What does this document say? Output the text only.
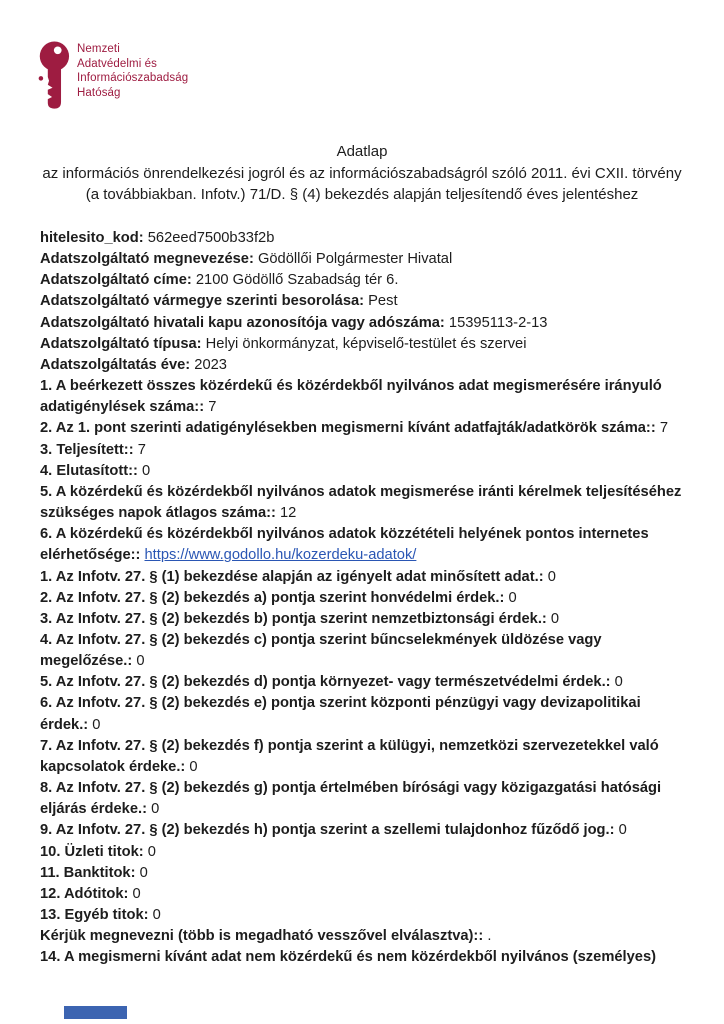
Nemzeti
Adatvédelmi és
Információszabadság
Hatóság
Adatlap
az információs önrendelkezési jogról és az információszabadságról szóló 2011. évi CXII. törvény (a továbbiakban. Infotv.) 71/D. § (4) bekezdés alapján teljesítendő éves jelentéshez

hitelesito_kod: 562eed7500b33f2b

Adatszolgáltató megnevezése: Gödöllői Polgármester Hivatal

Adatszolgáltató címe: 2100 Gödöllő Szabadság tér 6.

Adatszolgáltató vármegye szerinti besorolása: Pest

Adatszolgáltató hivatali kapu azonosítója vagy adószáma: 15395113-2-13

Adatszolgáltató típusa: Helyi önkormányzat, képviselő-testület és szervei

Adatszolgáltatás éve: 2023

1. A beérkezett összes közérdekű és közérdekből nyilvános adat megismerésére irányuló adatigénylések száma:: 7

2. Az 1. pont szerinti adatigénylésekben megismerni kívánt adatfajták/adatkörök száma:: 7

3. Teljesített:: 7

4. Elutasított:: 0

5. A közérdekű és közérdekből nyilvános adatok megismerése iránti kérelmek teljesítéséhez szükséges napok átlagos száma:: 12

6. A közérdekű és közérdekből nyilvános adatok közzétételi helyének pontos internetes elérhetősége:: https://www.godollo.hu/kozerdeku-adatok/

1. Az Infotv. 27. § (1) bekezdése alapján az igényelt adat minősített adat.: 0

2. Az Infotv. 27. § (2) bekezdés a) pontja szerint honvédelmi érdek.: 0

3. Az Infotv. 27. § (2) bekezdés b) pontja szerint nemzetbiztonsági érdek.: 0

4. Az Infotv. 27. § (2) bekezdés c) pontja szerint bűncselekmények üldözése vagy megelőzése.: 0

5. Az Infotv. 27. § (2) bekezdés d) pontja környezet- vagy természetvédelmi érdek.: 0

6. Az Infotv. 27. § (2) bekezdés e) pontja szerint központi pénzügyi vagy devizapolitikai érdek.: 0

7. Az Infotv. 27. § (2) bekezdés f) pontja szerint a külügyi, nemzetközi szervezetekkel való kapcsolatok érdeke.: 0

8. Az Infotv. 27. § (2) bekezdés g) pontja értelmében bírósági vagy közigazgatási hatósági eljárás érdeke.: 0

9. Az Infotv. 27. § (2) bekezdés h) pontja szerint a szellemi tulajdonhoz fűződő jog.: 0

10. Üzleti titok: 0

11. Banktitok: 0

12. Adótitok: 0

13. Egyéb titok: 0

Kérjük megnevezni (több is megadható vesszővel elválasztva):: .

14. A megismerni kívánt adat nem közérdekű és nem közérdekből nyilvános (személyes)
